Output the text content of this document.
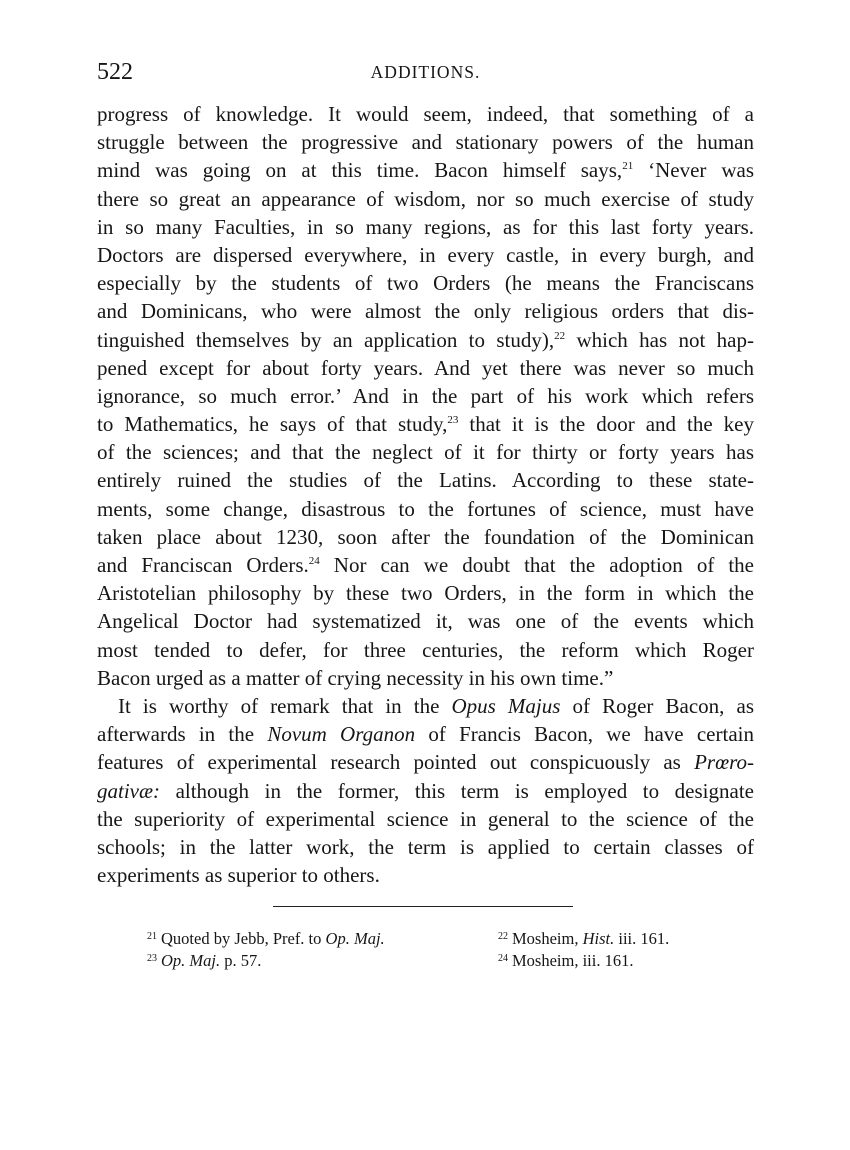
522	ADDITIONS.
progress of knowledge. It would seem, indeed, that something of a
struggle between the progressive and stationary powers of the human
mind was going on at this time. Bacon himself says,$^{21}$ ‘Never was
there so great an appearance of wisdom, nor so much exercise of study
in so many Faculties, in so many regions, as for this last forty years.
Doctors are dispersed everywhere, in every castle, in every burgh, and
especially by the students of two Orders (he means the Franciscans
and Dominicans, who were almost the only religious orders that dis-
tinguished themselves by an application to study),$^{22}$ which has not hap-
pened except for about forty years. And yet there was never so much
ignorance, so much error.’ And in the part of his work which refers
to Mathematics, he says of that study,$^{23}$ that it is the door and the key
of the sciences; and that the neglect of it for thirty or forty years has
entirely ruined the studies of the Latins. According to these state-
ments, some change, disastrous to the fortunes of science, must have
taken place about 1230, soon after the foundation of the Dominican
and Franciscan Orders.$^{24}$ Nor can we doubt that the adoption of the
Aristotelian philosophy by these two Orders, in the form in which the
Angelical Doctor had systematized it, was one of the events which
most tended to defer, for three centuries, the reform which Roger
Bacon urged as a matter of crying necessity in his own time.”
It is worthy of remark that in the Opus Majus of Roger Bacon, as
afterwards in the Novum Organon of Francis Bacon, we have certain
features of experimental research pointed out conspicuously as Prœro-
gativæ: although in the former, this term is employed to designate
the superiority of experimental science in general to the science of the
schools; in the latter work, the term is applied to certain classes of
experiments as superior to others.
$^{21}$ Quoted by Jebb, Pref. to Op. Maj.	$^{22}$ Mosheim, Hist. iii. 161.
$^{23}$ Op. Maj. p. 57.	$^{24}$ Mosheim, iii. 161.
